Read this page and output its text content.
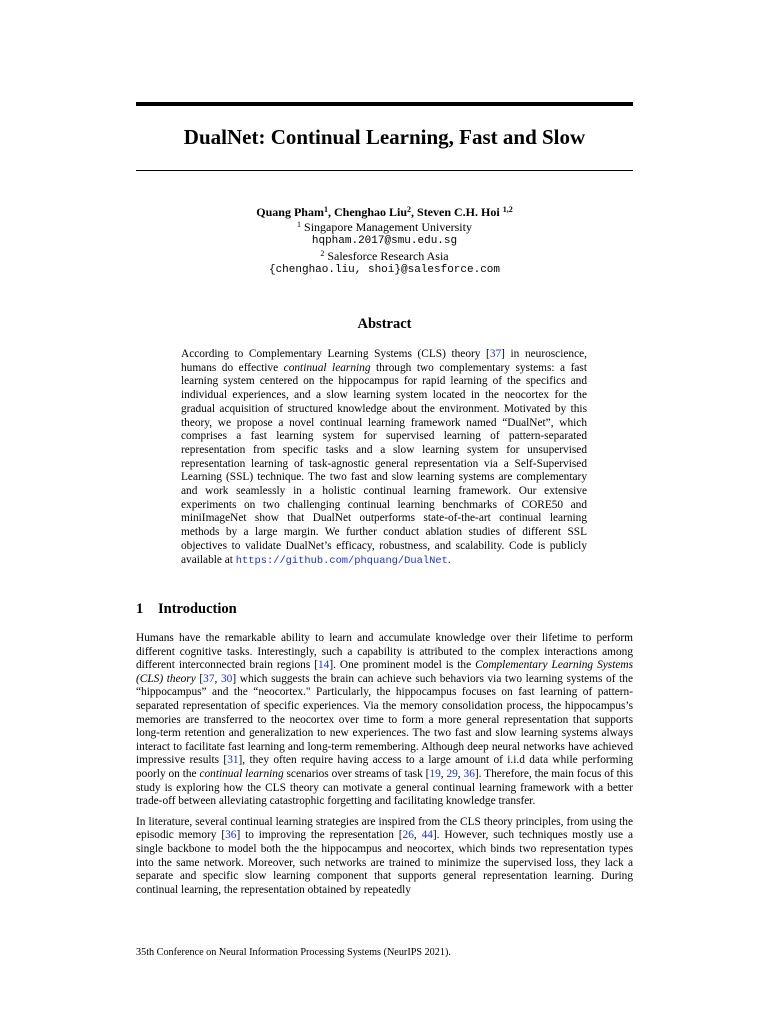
DualNet: Continual Learning, Fast and Slow
Quang Pham$^1$, Chenghao Liu$^2$, Steven C.H. Hoi $^{1,2}$
$^1$ Singapore Management University
hqpham.2017@smu.edu.sg
$^2$ Salesforce Research Asia
{chenghao.liu, shoi}@salesforce.com
Abstract

According to Complementary Learning Systems (CLS) theory [37] in neuroscience, humans do effective continual learning through two complementary systems: a fast learning system centered on the hippocampus for rapid learning of the specifics and individual experiences, and a slow learning system located in the neocortex for the gradual acquisition of structured knowledge about the environment. Motivated by this theory, we propose a novel continual learning framework named “DualNet”, which comprises a fast learning system for supervised learning of pattern-separated representation from specific tasks and a slow learning system for unsupervised representation learning of task-agnostic general representation via a Self-Supervised Learning (SSL) technique. The two fast and slow learning systems are complementary and work seamlessly in a holistic continual learning framework. Our extensive experiments on two challenging continual learning benchmarks of CORE50 and miniImageNet show that DualNet outperforms state-of-the-art continual learning methods by a large margin. We further conduct ablation studies of different SSL objectives to validate DualNet’s efficacy, robustness, and scalability. Code is publicly available at https://github.com/phquang/DualNet.

1 Introduction

Humans have the remarkable ability to learn and accumulate knowledge over their lifetime to perform different cognitive tasks. Interestingly, such a capability is attributed to the complex interactions among different interconnected brain regions [14]. One prominent model is the Complementary Learning Systems (CLS) theory [37, 30] which suggests the brain can achieve such behaviors via two learning systems of the “hippocampus” and the “neocortex." Particularly, the hippocampus focuses on fast learning of pattern-separated representation of specific experiences. Via the memory consolidation process, the hippocampus’s memories are transferred to the neocortex over time to form a more general representation that supports long-term retention and generalization to new experiences. The two fast and slow learning systems always interact to facilitate fast learning and long-term remembering. Although deep neural networks have achieved impressive results [31], they often require having access to a large amount of i.i.d data while performing poorly on the continual learning scenarios over streams of task [19, 29, 36]. Therefore, the main focus of this study is exploring how the CLS theory can motivate a general continual learning framework with a better trade-off between alleviating catastrophic forgetting and facilitating knowledge transfer.

In literature, several continual learning strategies are inspired from the CLS theory principles, from using the episodic memory [36] to improving the representation [26, 44]. However, such techniques mostly use a single backbone to model both the the hippocampus and neocortex, which binds two representation types into the same network. Moreover, such networks are trained to minimize the supervised loss, they lack a separate and specific slow learning component that supports general representation learning. During continual learning, the representation obtained by repeatedly

35th Conference on Neural Information Processing Systems (NeurIPS 2021).
